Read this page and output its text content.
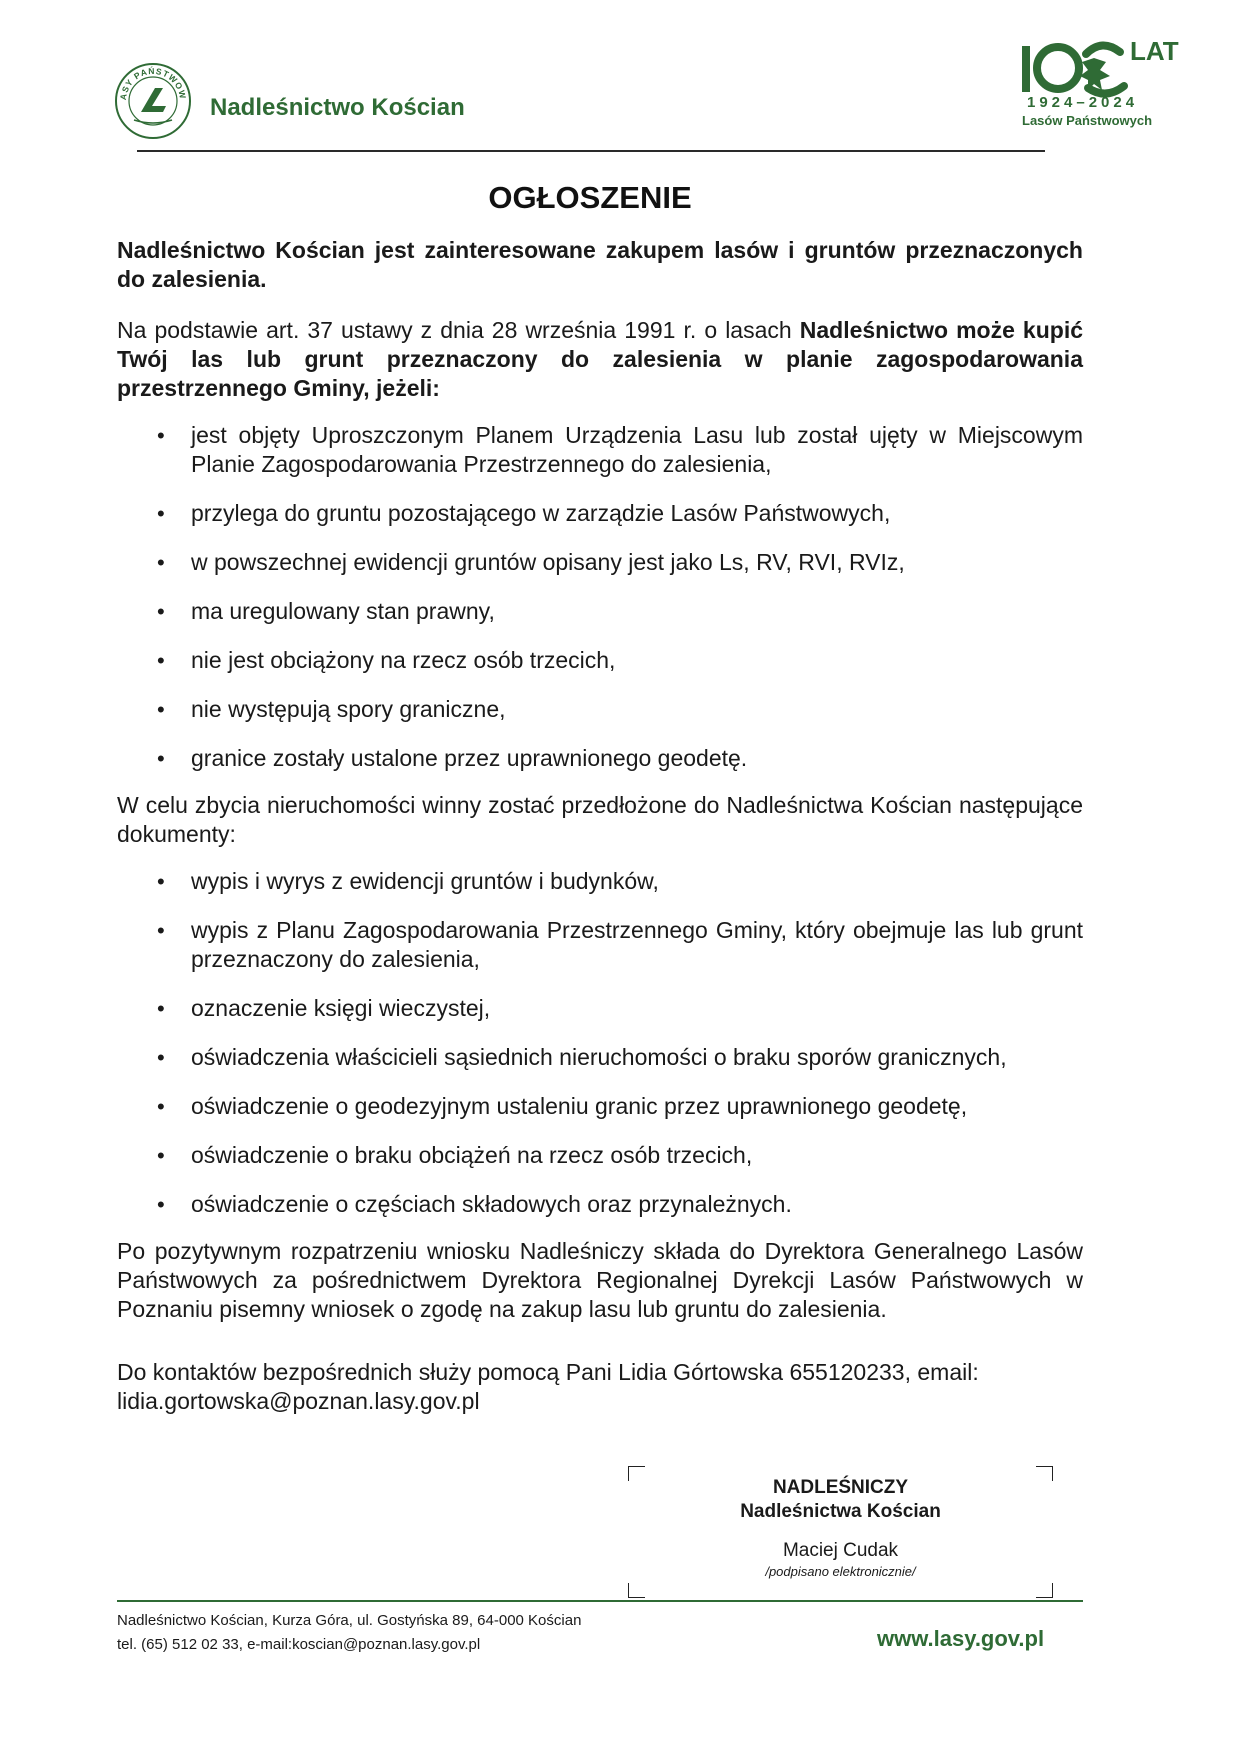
ASY PAŃSTWOW Nadleśnictwo Kościan
LAT
1924–2024
Lasów Państwowych
OGŁOSZENIE

Nadleśnictwo Kościan jest zainteresowane zakupem lasów i gruntów przeznaczonych do zalesienia.

Na podstawie art. 37 ustawy z dnia 28 września 1991 r. o lasach Nadleśnictwo może kupić Twój las lub grunt przeznaczony do zalesienia w planie zagospodarowania przestrzennego Gminy, jeżeli:

• jest objęty Uproszczonym Planem Urządzenia Lasu lub został ujęty w Miejscowym Planie Zagospodarowania Przestrzennego do zalesienia,
• przylega do gruntu pozostającego w zarządzie Lasów Państwowych,
• w powszechnej ewidencji gruntów opisany jest jako Ls, RV, RVI, RVIz,
• ma uregulowany stan prawny,
• nie jest obciążony na rzecz osób trzecich,
• nie występują spory graniczne,
• granice zostały ustalone przez uprawnionego geodetę.

W celu zbycia nieruchomości winny zostać przedłożone do Nadleśnictwa Kościan następujące dokumenty:

• wypis i wyrys z ewidencji gruntów i budynków,
• wypis z Planu Zagospodarowania Przestrzennego Gminy, który obejmuje las lub grunt przeznaczony do zalesienia,
• oznaczenie księgi wieczystej,
• oświadczenia właścicieli sąsiednich nieruchomości o braku sporów granicznych,
• oświadczenie o geodezyjnym ustaleniu granic przez uprawnionego geodetę,
• oświadczenie o braku obciążeń na rzecz osób trzecich,
• oświadczenie o częściach składowych oraz przynależnych.

Po pozytywnym rozpatrzeniu wniosku Nadleśniczy składa do Dyrektora Generalnego Lasów Państwowych za pośrednictwem Dyrektora Regionalnej Dyrekcji Lasów Państwowych w Poznaniu pisemny wniosek o zgodę na zakup lasu lub gruntu do zalesienia.

Do kontaktów bezpośrednich służy pomocą Pani Lidia Górtowska 655120233, email: lidia.gortowska@poznan.lasy.gov.pl

NADLEŚNICZY
Nadleśnictwa Kościan
Maciej Cudak
/podpisano elektronicznie/
Nadleśnictwo Kościan, Kurza Góra, ul. Gostyńska 89, 64-000 Kościan
tel. (65) 512 02 33, e-mail:koscian@poznan.lasy.gov.pl	www.lasy.gov.pl
